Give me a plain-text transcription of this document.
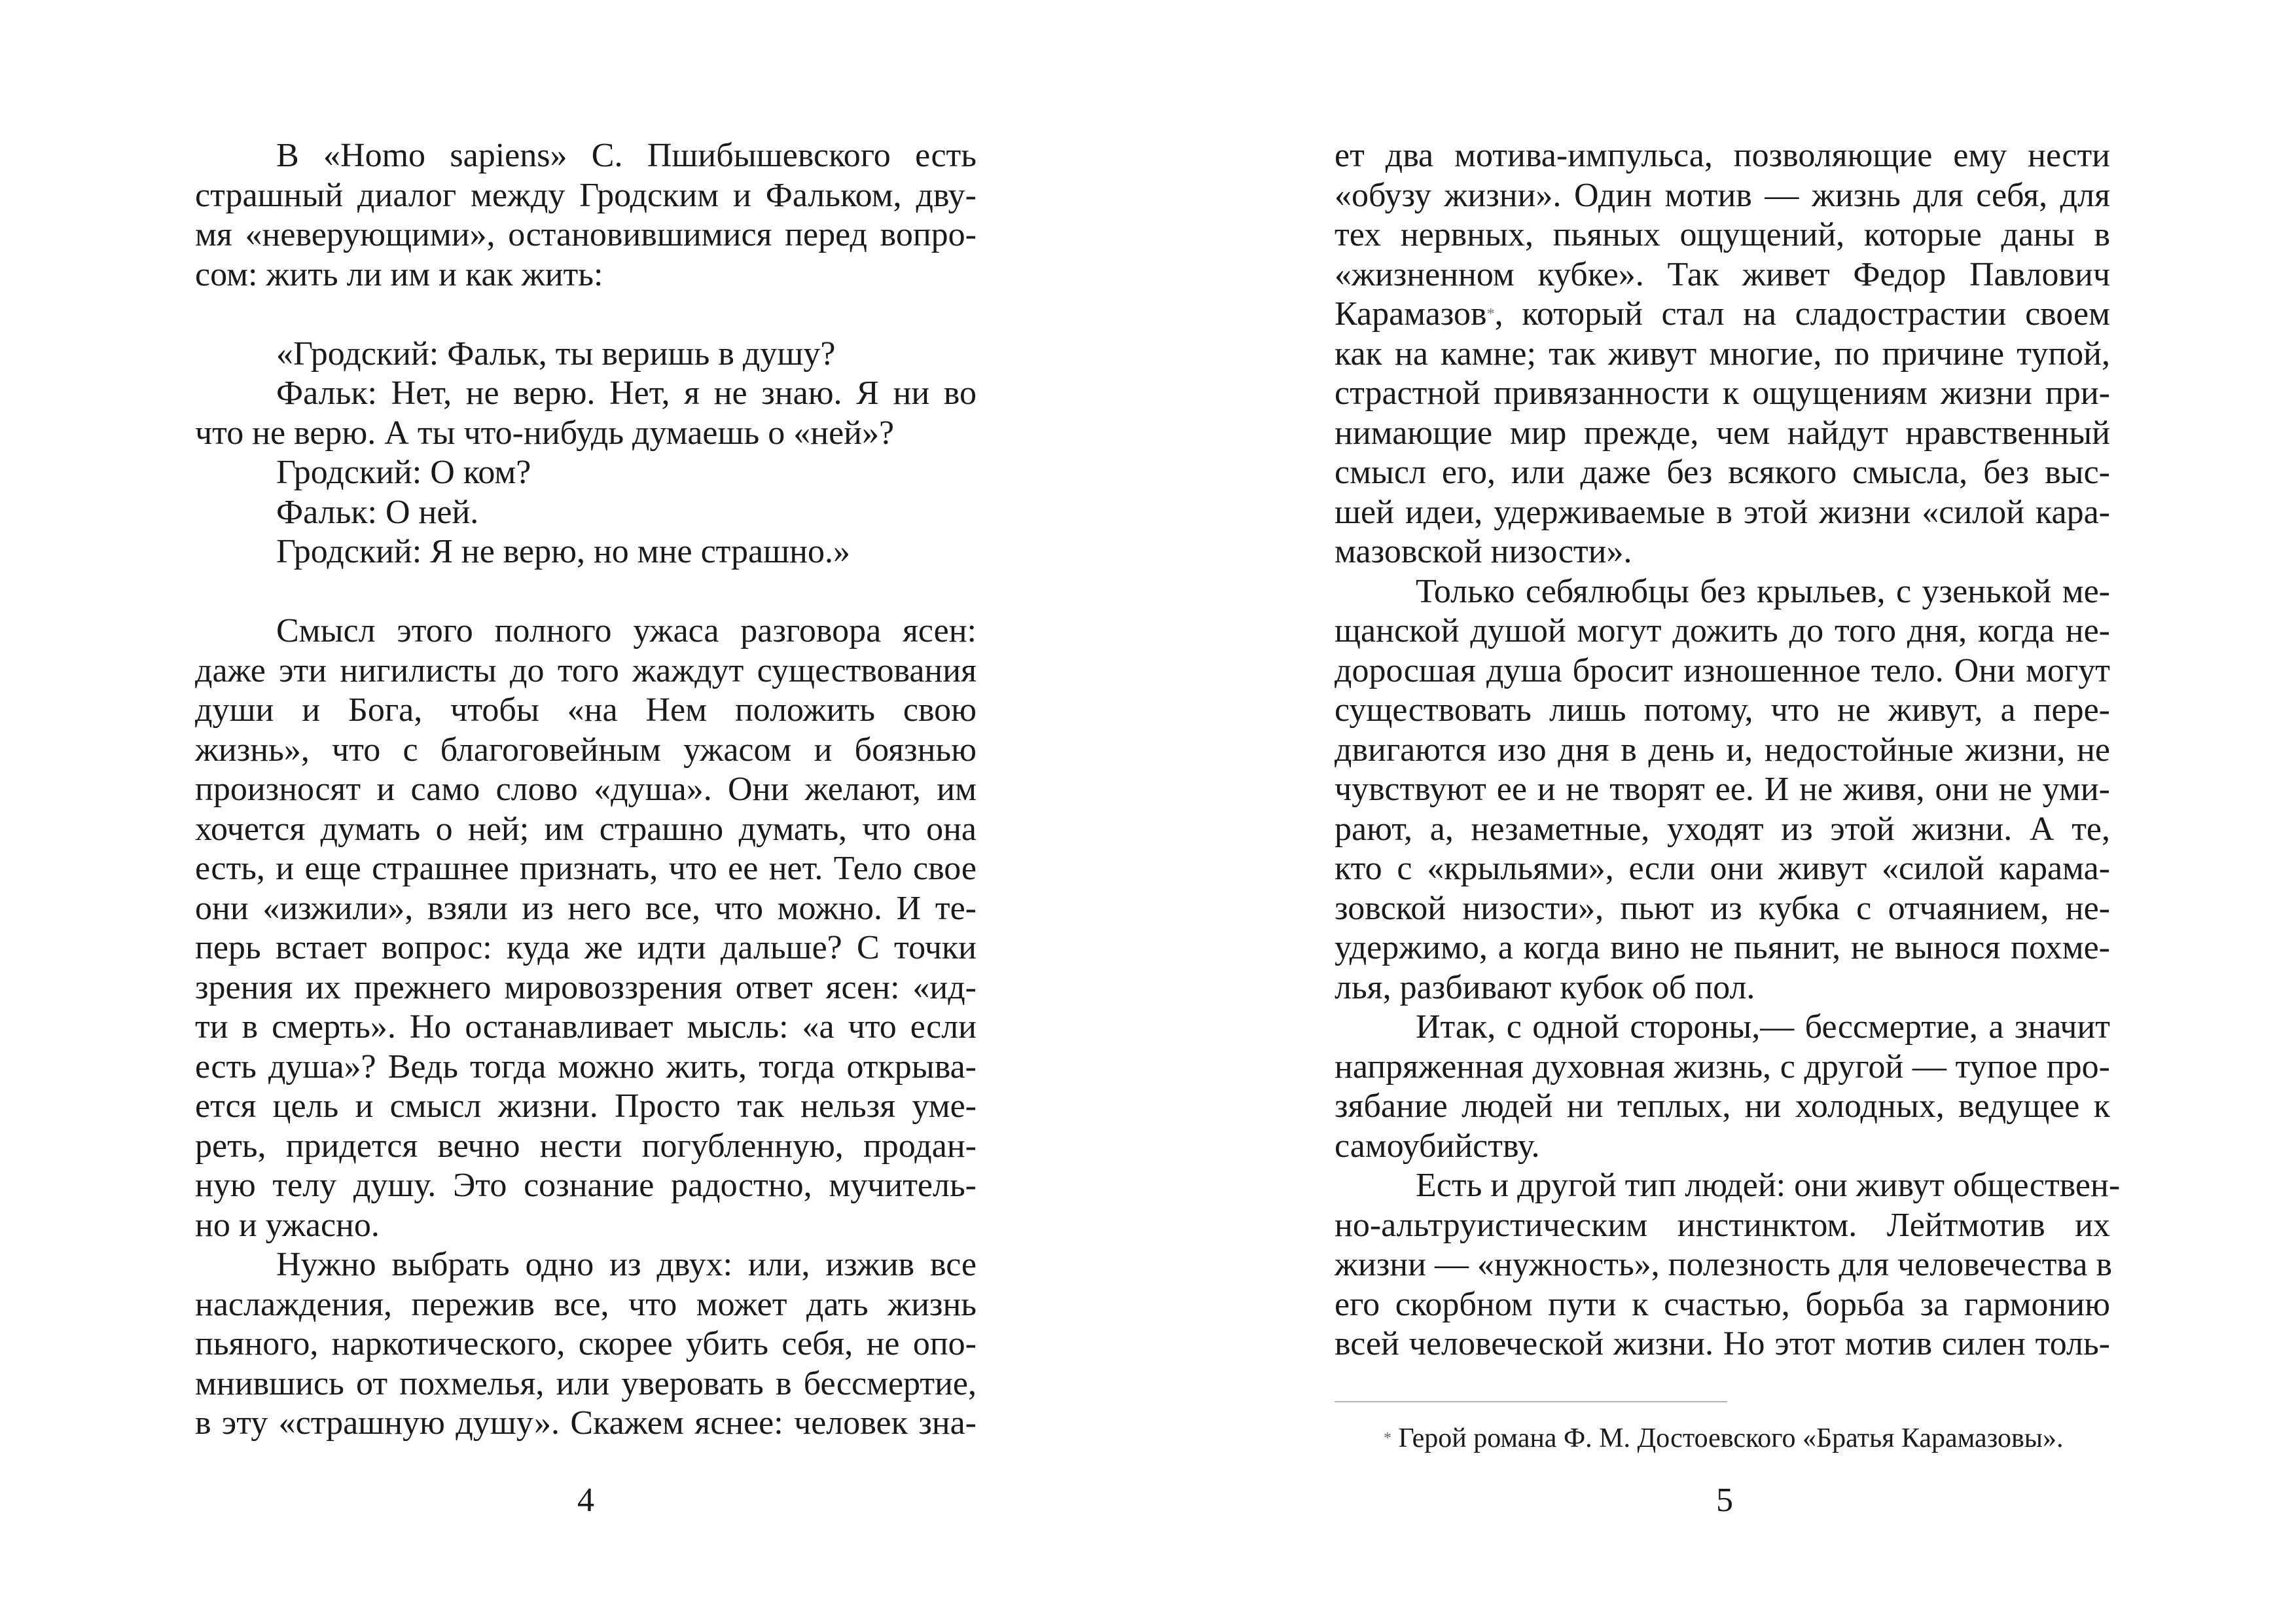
В «Homo sapiens» С. Пшибышевского есть
страшный диалог между Гродским и Фальком, дву-
мя «неверующими», остановившимися перед вопро-
сом: жить ли им и как жить:
«Гродский: Фальк, ты веришь в душу?
Фальк: Нет, не верю. Нет, я не знаю. Я ни во
что не верю. А ты что-нибудь думаешь о «ней»?
Гродский: О ком?
Фальк: О ней.
Гродский: Я не верю, но мне страшно.»
Смысл этого полного ужаса разговора ясен:
даже эти нигилисты до того жаждут существования
души и Бога, чтобы «на Нем положить свою
жизнь», что с благоговейным ужасом и боязнью
произносят и само слово «душа». Они желают, им
хочется думать о ней; им страшно думать, что она
есть, и еще страшнее признать, что ее нет. Тело свое
они «изжили», взяли из него все, что можно. И те-
перь встает вопрос: куда же идти дальше? С точки
зрения их прежнего мировоззрения ответ ясен: «ид-
ти в смерть». Но останавливает мысль: «а что если
есть душа»? Ведь тогда можно жить, тогда открыва-
ется цель и смысл жизни. Просто так нельзя уме-
реть, придется вечно нести погубленную, продан-
ную телу душу. Это сознание радостно, мучитель-
но и ужасно.
Нужно выбрать одно из двух: или, изжив все
наслаждения, пережив все, что может дать жизнь
пьяного, наркотического, скорее убить себя, не опо-
мнившись от похмелья, или уверовать в бессмертие,
в эту «страшную душу». Скажем яснее: человек зна-
4
ет два мотива-импульса, позволяющие ему нести
«обузу жизни». Один мотив — жизнь для себя, для
тех нервных, пьяных ощущений, которые даны в
«жизненном кубке». Так живет Федор Павлович
Карамазов*, который стал на сладострастии своем
как на камне; так живут многие, по причине тупой,
страстной привязанности к ощущениям жизни при-
нимающие мир прежде, чем найдут нравственный
смысл его, или даже без всякого смысла, без выс-
шей идеи, удерживаемые в этой жизни «силой кара-
мазовской низости».
Только себялюбцы без крыльев, с узенькой ме-
щанской душой могут дожить до того дня, когда не-
доросшая душа бросит изношенное тело. Они могут
существовать лишь потому, что не живут, а пере-
двигаются изо дня в день и, недостойные жизни, не
чувствуют ее и не творят ее. И не живя, они не уми-
рают, а, незаметные, уходят из этой жизни. А те,
кто с «крыльями», если они живут «силой карама-
зовской низости», пьют из кубка с отчаянием, не-
удержимо, а когда вино не пьянит, не вынося похме-
лья, разбивают кубок об пол.
Итак, с одной стороны,— бессмертие, а значит
напряженная духовная жизнь, с другой — тупое про-
зябание людей ни теплых, ни холодных, ведущее к
самоубийству.
Есть и другой тип людей: они живут обществен-
но-альтруистическим инстинктом. Лейтмотив их
жизни — «нужность», полезность для человечества в
его скорбном пути к счастью, борьба за гармонию
всей человеческой жизни. Но этот мотив силен толь-
* Герой романа Ф. М. Достоевского «Братья Карамазовы».
5
